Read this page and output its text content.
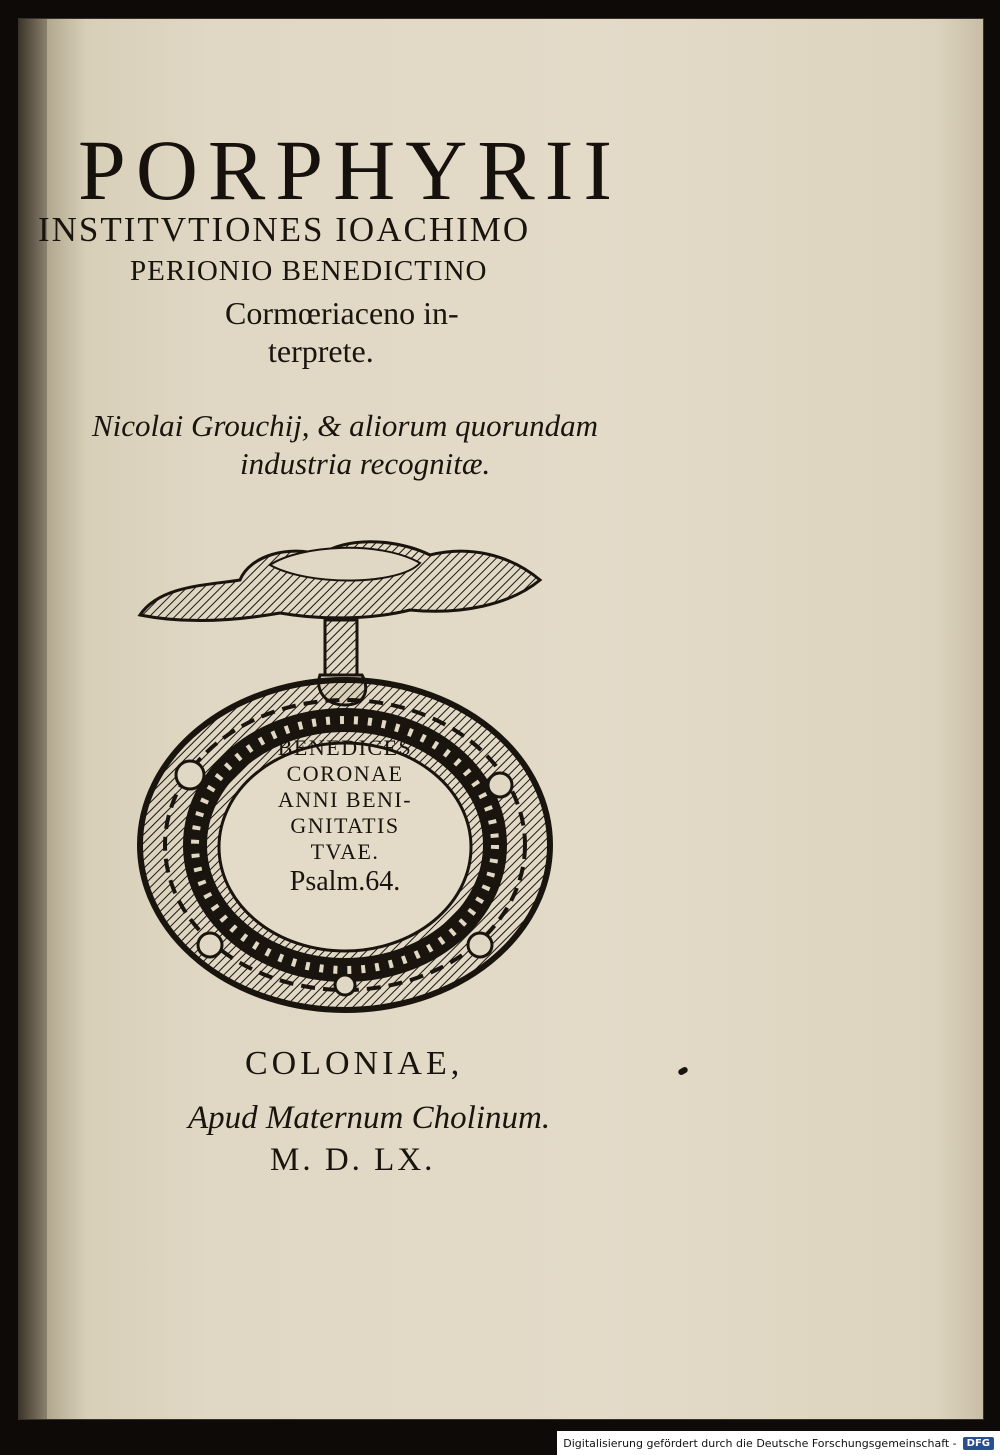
PORPHYRII
INSTITVTIONES IOACHIMO
PERIONIO BENEDICTINO
Cormœriaceno in-
terprete.
Nicolai Grouchij, & aliorum quorundam
industria recognitæ.
BENEDICES
CORONAE
ANNI BENI-
GNITATIS
TVAE.
Psalm.64.
COLONIAE,
Apud Maternum Cholinum.
M. D. LX.
Digitalisierung gefördert durch die Deutsche Forschungsgemeinschaft -	DFG
